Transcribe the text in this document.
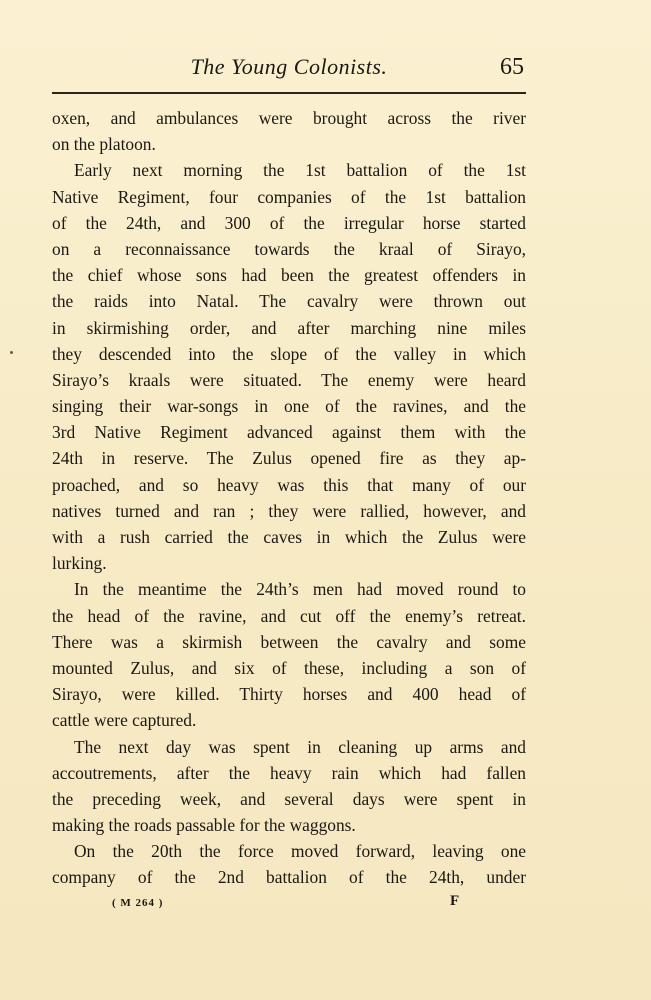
The Young Colonists.	65
oxen, and ambulances were brought across the river
on the platoon.
Early next morning the 1st battalion of the 1st
Native Regiment, four companies of the 1st battalion
of the 24th, and 300 of the irregular horse started
on a reconnaissance towards the kraal of Sirayo,
the chief whose sons had been the greatest offenders in
the raids into Natal. The cavalry were thrown out
in skirmishing order, and after marching nine miles
they descended into the slope of the valley in which
Sirayo’s kraals were situated. The enemy were heard
singing their war-songs in one of the ravines, and the
3rd Native Regiment advanced against them with the
24th in reserve. The Zulus opened fire as they ap-
proached, and so heavy was this that many of our
natives turned and ran ; they were rallied, however, and
with a rush carried the caves in which the Zulus were
lurking.
In the meantime the 24th’s men had moved round to
the head of the ravine, and cut off the enemy’s retreat.
There was a skirmish between the cavalry and some
mounted Zulus, and six of these, including a son of
Sirayo, were killed. Thirty horses and 400 head of
cattle were captured.
The next day was spent in cleaning up arms and
accoutrements, after the heavy rain which had fallen
the preceding week, and several days were spent in
making the roads passable for the waggons.
On the 20th the force moved forward, leaving one
company of the 2nd battalion of the 24th, under
( M 264 )	F
